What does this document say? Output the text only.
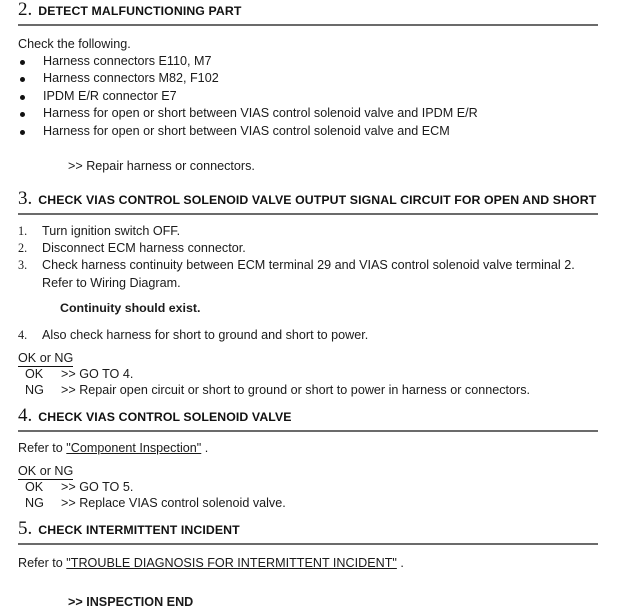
2. DETECT MALFUNCTIONING PART

Check the following.

Harness connectors E110, M7
Harness connectors M82, F102
IPDM E/R connector E7
Harness for open or short between VIAS control solenoid valve and IPDM E/R
Harness for open or short between VIAS control solenoid valve and ECM
>> Repair harness or connectors.
3. CHECK VIAS CONTROL SOLENOID VALVE OUTPUT SIGNAL CIRCUIT FOR OPEN AND SHORT
1. Turn ignition switch OFF.
2. Disconnect ECM harness connector.
3. Check harness continuity between ECM terminal 29 and VIAS control solenoid valve terminal 2.
Refer to Wiring Diagram.
Continuity should exist.
4. Also check harness for short to ground and short to power.
OK or NG
OK	>> GO TO 4.
NG	>> Repair open circuit or short to ground or short to power in harness or connectors.
4. CHECK VIAS CONTROL SOLENOID VALVE

Refer to "Component Inspection" .

OK or NG
OK	>> GO TO 5.
NG	>> Replace VIAS control solenoid valve.
5. CHECK INTERMITTENT INCIDENT

Refer to "TROUBLE DIAGNOSIS FOR INTERMITTENT INCIDENT" .

>> INSPECTION END
